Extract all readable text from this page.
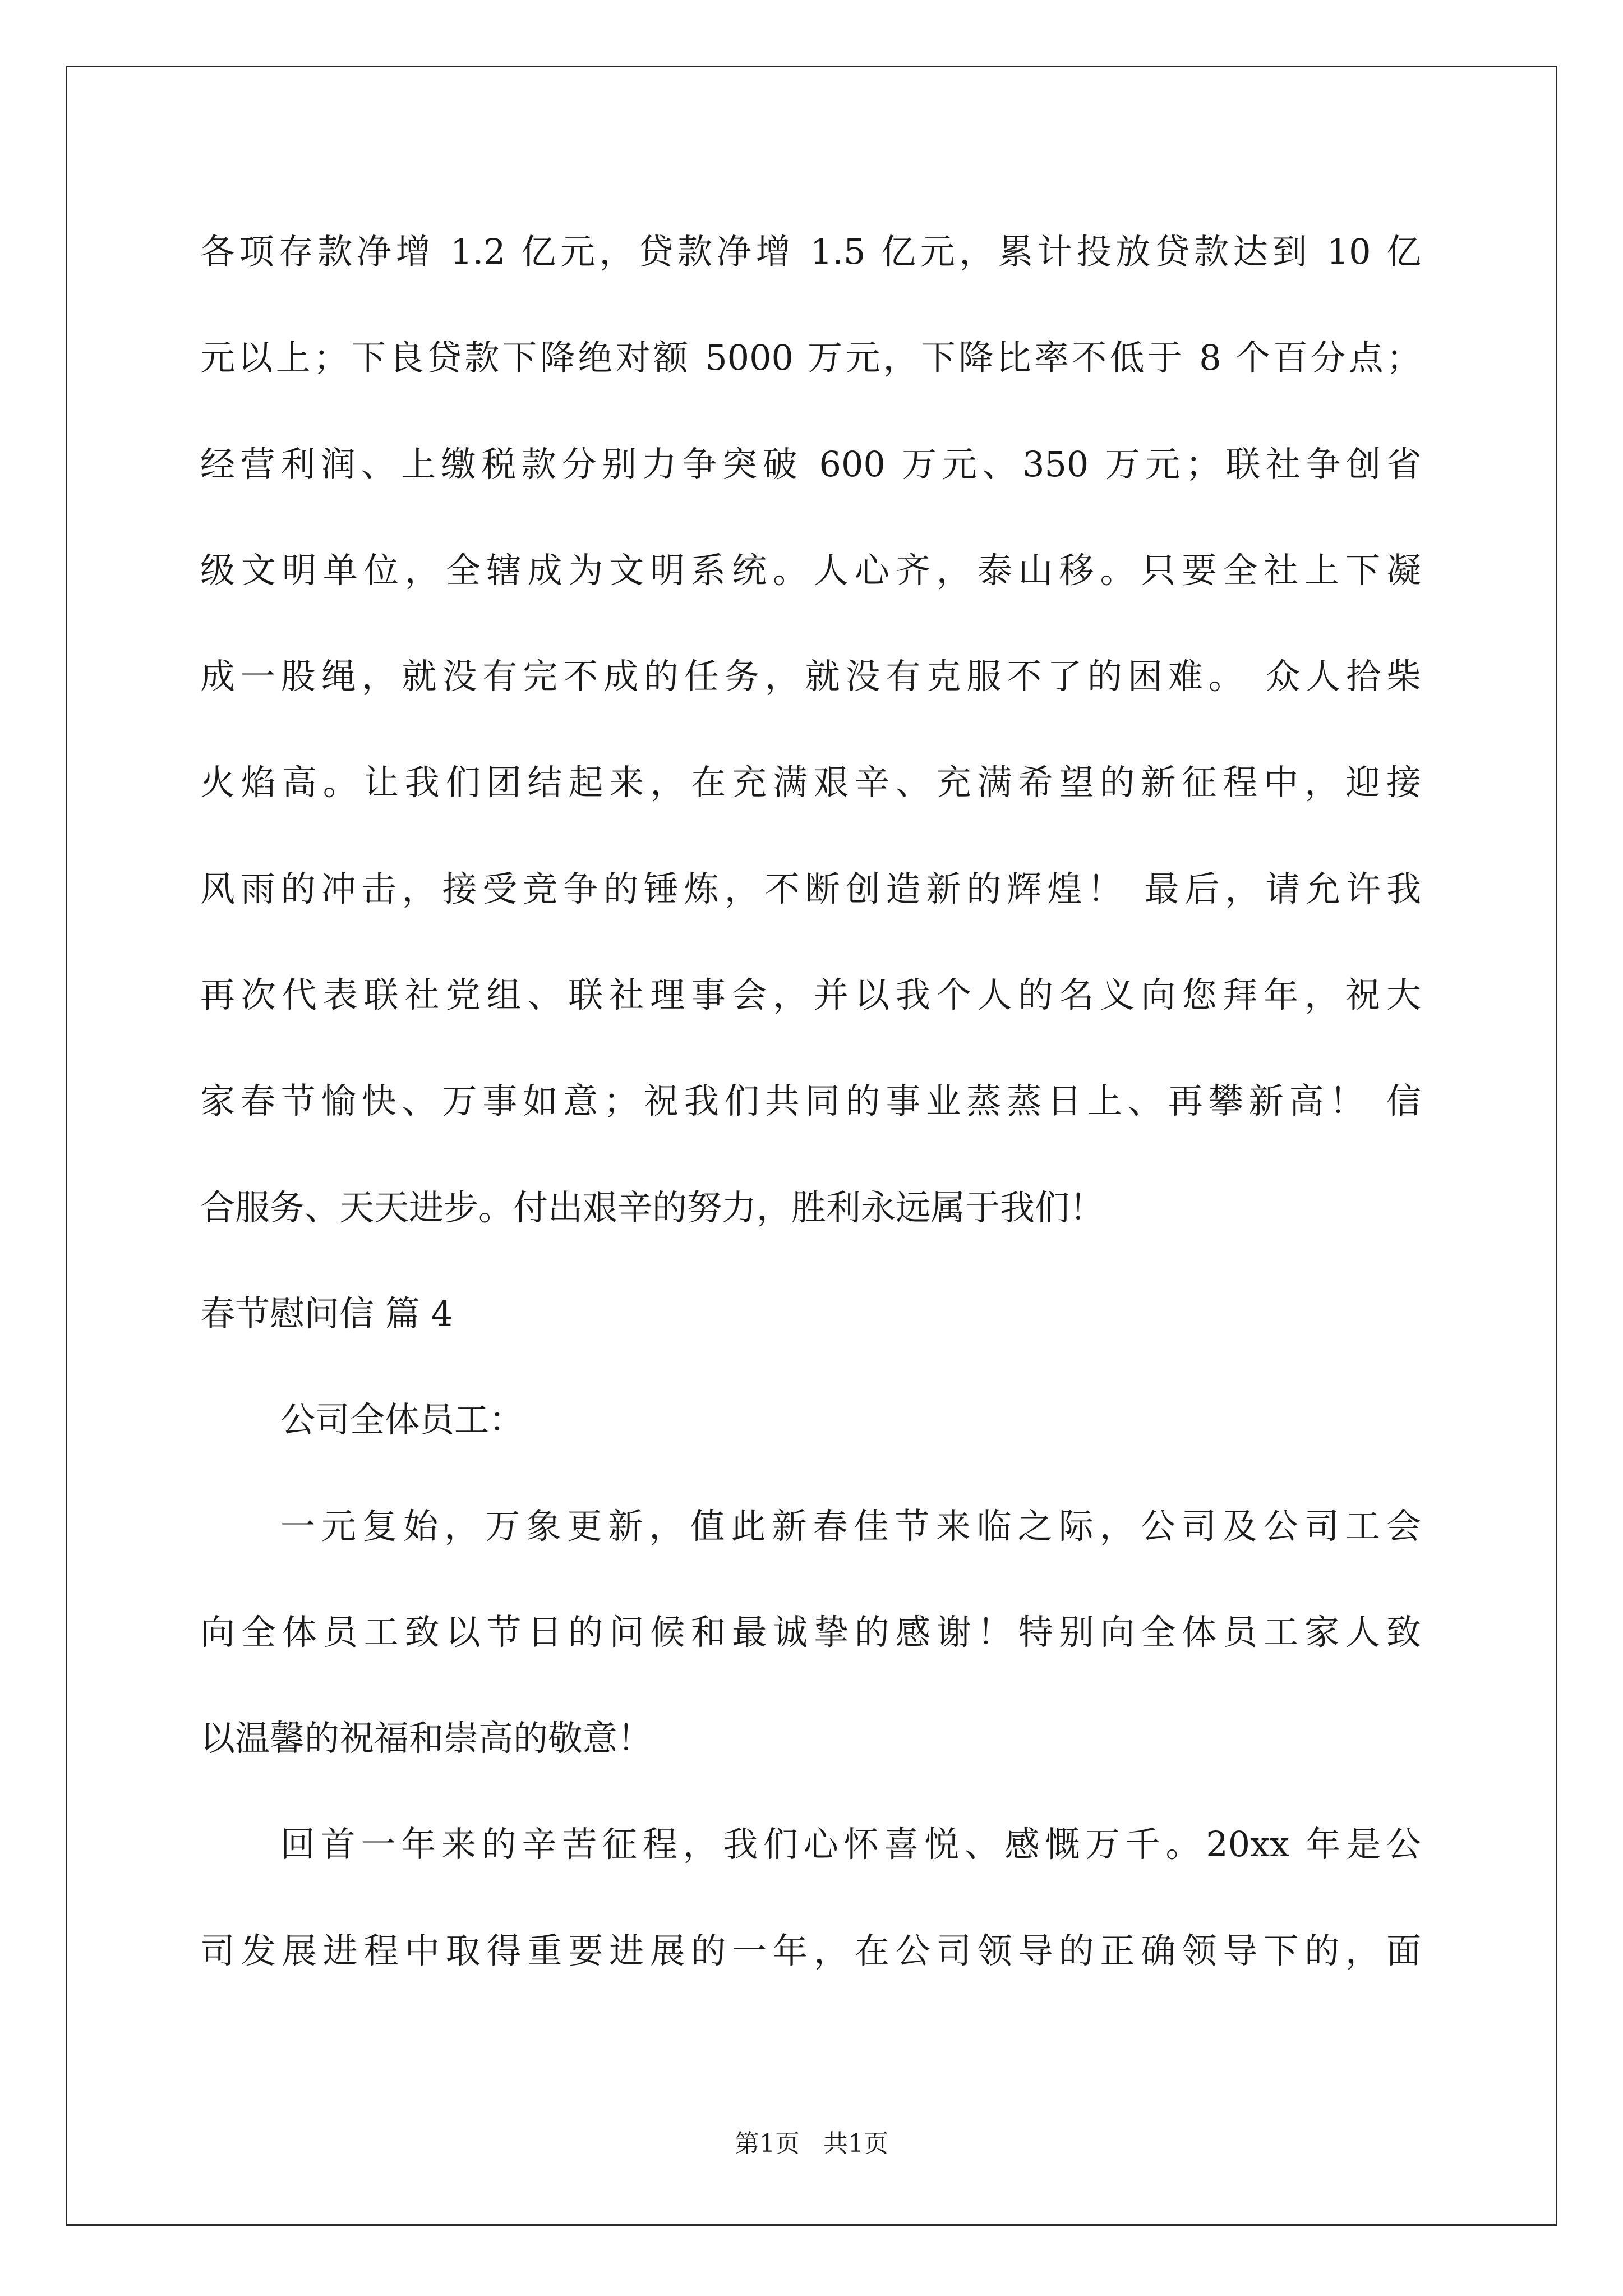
各项存款净增 1.2 亿元，贷款净增 1.5 亿元，累计投放贷款达到 10 亿
元以上；下良贷款下降绝对额 5000 万元，下降比率不低于 8 个百分点；
经营利润、上缴税款分别力争突破 600 万元、350 万元；联社争创省
级文明单位，全辖成为文明系统。人心齐，泰山移。只要全社上下凝
成一股绳，就没有完不成的任务，就没有克服不了的困难。 众人拾柴
火焰高。让我们团结起来，在充满艰辛、充满希望的新征程中，迎接
风雨的冲击，接受竞争的锤炼，不断创造新的辉煌！ 最后，请允许我
再次代表联社党组、联社理事会，并以我个人的名义向您拜年，祝大
家春节愉快、万事如意；祝我们共同的事业蒸蒸日上、再攀新高！ 信
合服务、天天进步。付出艰辛的努力，胜利永远属于我们！
春节慰问信 篇 4
公司全体员工：
一元复始，万象更新，值此新春佳节来临之际，公司及公司工会
向全体员工致以节日的问候和最诚挚的感谢！特别向全体员工家人致
以温馨的祝福和崇高的敬意！
回首一年来的辛苦征程，我们心怀喜悦、感慨万千。20xx 年是公
司发展进程中取得重要进展的一年，在公司领导的正确领导下的，面
第1页   共1页
